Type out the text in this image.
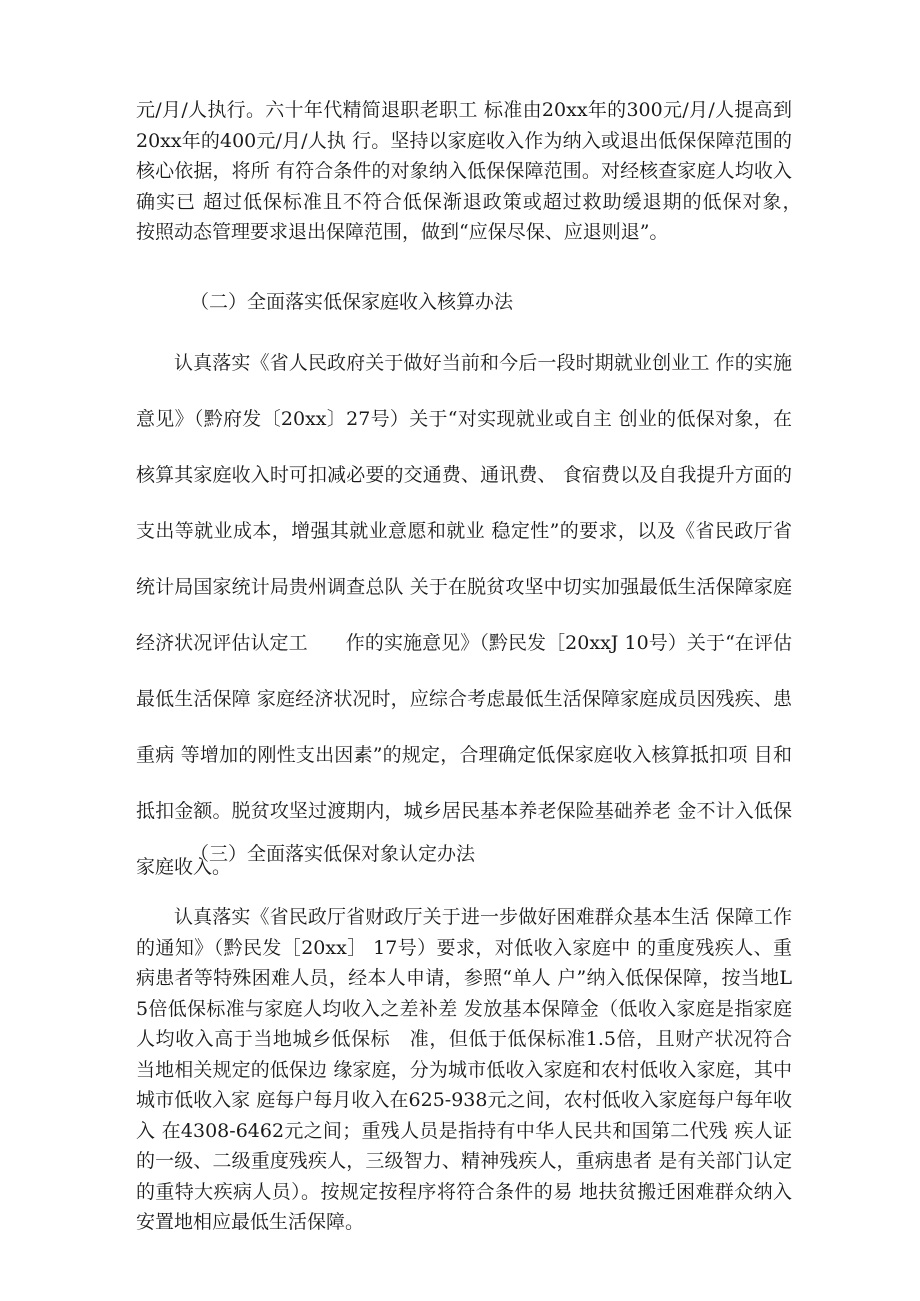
元/月/人执行。六十年代精简退职老职工 标准由20xx年的300元/月/人提高到20xx年的400元/月/人执 行。坚持以家庭收入作为纳入或退出低保保障范围的核心依据，将所 有符合条件的对象纳入低保保障范围。对经核查家庭人均收入确实已 超过低保标准且不符合低保渐退政策或超过救助缓退期的低保对象，　　按照动态管理要求退出保障范围，做到“应保尽保、应退则退”。

（二）全面落实低保家庭收入核算办法

认真落实《省人民政府关于做好当前和今后一段时期就业创业工 作的实施意见》（黔府发〔20xx〕27号）关于“对实现就业或自主 创业的低保对象，在核算其家庭收入时可扣减必要的交通费、通讯费、 食宿费以及自我提升方面的支出等就业成本，增强其就业意愿和就业 稳定性”的要求，以及《省民政厅省统计局国家统计局贵州调查总队 关于在脱贫攻坚中切实加强最低生活保障家庭经济状况评估认定工　　作的实施意见》（黔民发［20xxJ 10号）关于“在评估最低生活保障 家庭经济状况时，应综合考虑最低生活保障家庭成员因残疾、患重病 等增加的刚性支出因素”的规定，合理确定低保家庭收入核算抵扣项 目和抵扣金额。脱贫攻坚过渡期内，城乡居民基本养老保险基础养老 金不计入低保家庭收入。

（三）全面落实低保对象认定办法

认真落实《省民政厅省财政厅关于进一步做好困难群众基本生活 保障工作的通知》（黔民发［20xx］ 17号）要求，对低收入家庭中 的重度残疾人、重病患者等特殊困难人员，经本人申请，参照“单人 户”纳入低保保障，按当地L5倍低保标准与家庭人均收入之差补差 发放基本保障金（低收入家庭是指家庭人均收入高于当地城乡低保标　准，但低于低保标准1.5倍，且财产状况符合当地相关规定的低保边 缘家庭，分为城市低收入家庭和农村低收入家庭，其中城市低收入家 庭每户每月收入在625-938元之间，农村低收入家庭每户每年收入 在4308-6462元之间；重残人员是指持有中华人民共和国第二代残 疾人证的一级、二级重度残疾人，三级智力、精神残疾人，重病患者 是有关部门认定的重特大疾病人员）。按规定按程序将符合条件的易 地扶贫搬迁困难群众纳入安置地相应最低生活保障。
